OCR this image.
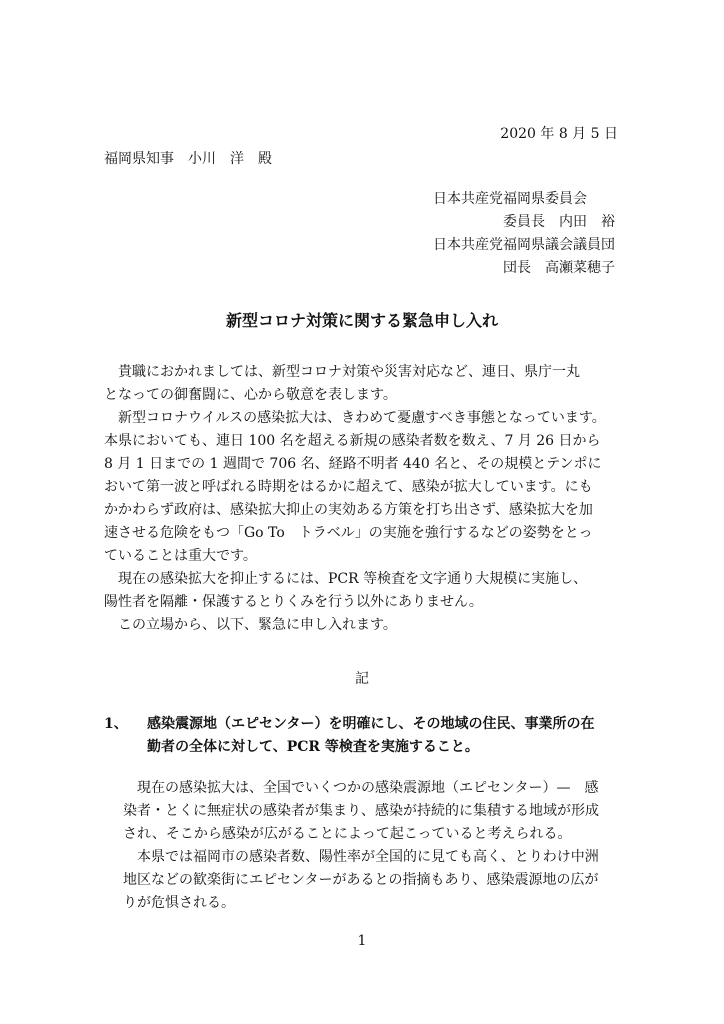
2020 年 8 月 5 日
福岡県知事　小川　洋　殿
日本共産党福岡県委員会
　　　　　委員長　内田　裕
日本共産党福岡県議会議員団
　　　　　団長　高瀬菜穂子
新型コロナ対策に関する緊急申し入れ
　貴職におかれましては、新型コロナ対策や災害対応など、連日、県庁一丸
となっての御奮闘に、心から敬意を表します。
　新型コロナウイルスの感染拡大は、きわめて憂慮すべき事態となっています。
本県においても、連日 100 名を超える新規の感染者数を数え、7 月 26 日から
8 月 1 日までの 1 週間で 706 名、経路不明者 440 名と、その規模とテンポに
おいて第一波と呼ばれる時期をはるかに超えて、感染が拡大しています。にも
かかわらず政府は、感染拡大抑止の実効ある方策を打ち出さず、感染拡大を加
速させる危険をもつ「Go To　トラベル」の実施を強行するなどの姿勢をとっ
ていることは重大です。
　現在の感染拡大を抑止するには、PCR 等検査を文字通り大規模に実施し、
陽性者を隔離・保護するとりくみを行う以外にありません。
　この立場から、以下、緊急に申し入れます。
記
1、 感染震源地（エピセンター）を明確にし、その地域の住民、事業所の在
勤者の全体に対して、PCR 等検査を実施すること。
　現在の感染拡大は、全国でいくつかの感染震源地（エピセンター）—　感
染者・とくに無症状の感染者が集まり、感染が持続的に集積する地域が形成
され、そこから感染が広がることによって起こっていると考えられる。
　本県では福岡市の感染者数、陽性率が全国的に見ても高く、とりわけ中洲
地区などの歓楽街にエピセンターがあるとの指摘もあり、感染震源地の広が
りが危惧される。
1
